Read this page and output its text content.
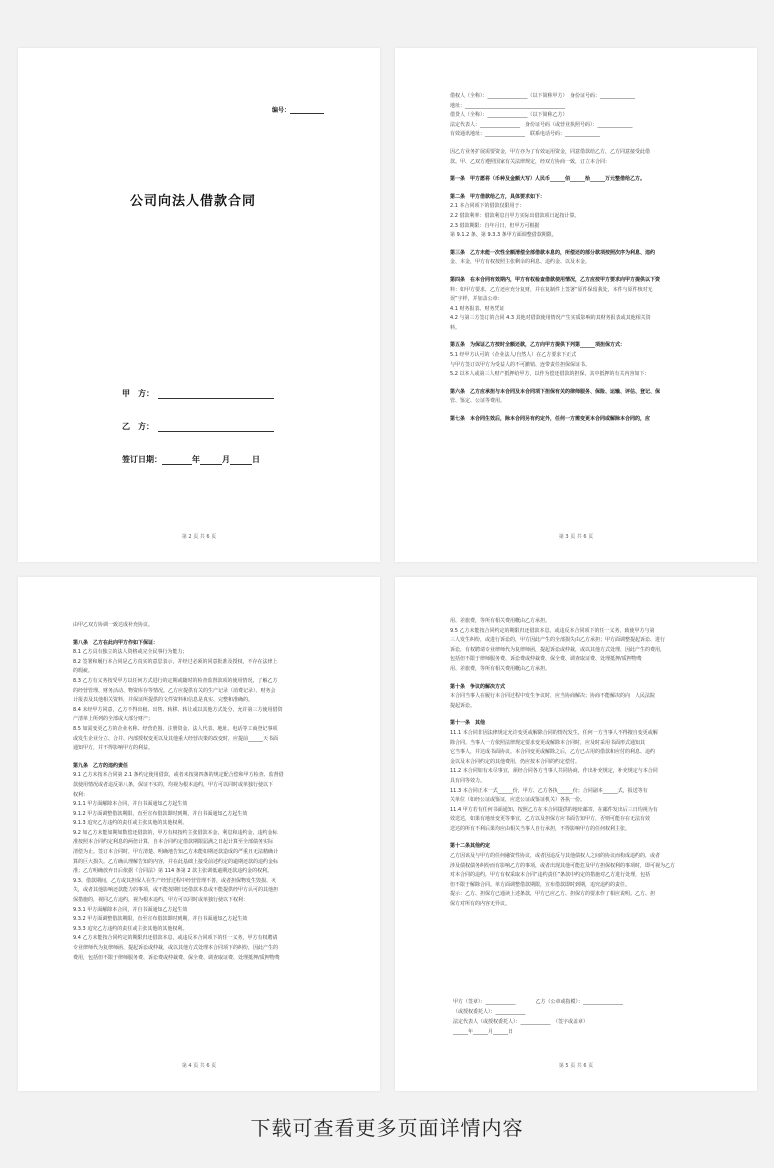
编号：
公司向法人借款合同
甲　方：
乙　方：
签订日期：	年	月	日
第 2 页 共 6 页

借权人（全称）：________________（以下简称甲方）　身份证号码：______________

地址：________________________________________

借贷人（全称）：________________（以下简称乙方）

法定代表人：________________　身份证号码（或营业执照号码）：______________

有效通讯地址：________________　联系电话号码：______________

因乙方业务扩展需要资金，甲方亦为了有效运用资金，同意借款给乙方，乙方同意接受此借

款。甲、乙双方遵照国家有关法律规定，经双方协商一致，订立本合同：

第一条　甲方愿将（币种及金额大写）人民币______佰______拾______万元整借给乙方。

第二条　甲方借款给乙方，具体要求如下：

2.1 本合同项下的借款仅限用于：

2.2 借款利率：借款利息自甲方实际出借款项日起按计算。

2.3 借款期限：自年月日，但甲方可根据

第 9.1.2 条、第 9.3.3 条甲方面调整借款期限。

第三条　乙方未能一次性全额清偿全部借款本息的，所偿还的部分款项按照次序为利息、违约

金、本金，甲方有权按照主张剩余的利息、违约金、以及本金。

第四条　在本合同有效期内，甲方有权检查借款使用情况，乙方应按甲方要求向甲方提供以下资

料：如甲方要求，乙方还应充分复财，并在复制件上签署“原件保留我处，本件与原件核对无

误”字样，并加盖公章：

4.1 财务报表、财务凭证

4.2 与第三方签订的合同 4.3 其他对借款使用情况产生实质影响的其财务报表或其他相关资

料。

第五条　为保证乙方按时全额还款，乙方向甲方提供下列第______项担保方式：

5.1 经甲方认可的（企业法人/自然人）在乙方要求下正式

与甲方签订以甲方为受益人的不可撤销、连带责任担保保证书。

5.2 以本人或第三人财产抵押给甲方，以作为偿还借款的担保，其中抵押的有关内容如下：

第六条　乙方应承担与本合同及本合同项下担保有关的律师服务、保险、运输、评估、登记、保

管、鉴定、公证等费用。

第七条　本合同生效后，除本合同另有约定外，任何一方需变更本合同或解除本合同的，应

第 3 页 共 6 页

由甲乙双方协调一致达成补充协议。

第八条　乙方在此向甲方作如下保证：

8.1 乙方具有独立的法人资格或完全民事行为能力；

8.2 签署和履行本合同是乙方真实的意思表示，并经过必须的同意批准及授权，不存在法律上

的瑕疵。

8.3 乙方有义务按受甲方以任何方式进行的定期或随时的检查监督款项的使用情况，了解乙方

的经营管理、财务活动、物资库存等情况。乙方应提供有关的生产记录（消费记录）、财务会

计报表及其他相关资料，并保证所提供的文件资料和信息是真实、完整和准确的。

8.4 未经甲方同意，乙方不得出租、出售、转移、转让或以其他方式处分，允许第三方使用借资

产清单上所列的全部或大部分财产；

8.5 如需变更乙方的企业名称、经营范围、注册资金、法人代表、地址、电话等工商登记事项

或发生企业分立、合并、内部授权变更以及其他重大经营决策的改变时，应提前______天书面

通知甲方，并不得影响甲方的利益。

第九条　乙方的违约责任

9.1 乙方未按本合同第 2.1 条约定使用借款，或者未按第四条的规定配合偿和甲方检查、监督借

款使用情况或者违反第八条，保证不实的，均视为根本违约，甲方可以同时或单独行使以下

权利：

9.1.1 甲方面解除本合同，并自书面通知乙方起生效

9.1.2 甲方面调整借款期限，直至宣布借款即时到期，并自书面通知乙方起生效

9.1.3 追究乙方违约的责任或主张其他的其他权利。

9.2 如乙方未能如期如数偿还借款的，甲方有权按约主张借款本金、利息和违约金，违约金标

准按照本合同约定利息的两倍计算，自本合同约定借款期限届满之日起计算至全部债务实际

清偿为止。签订本合同时，甲方清楚、明确地告知乙方未能如期还款造成的严重且无法精确计

算的巨大损失。乙方确认理解告知的内容，并在此基础上接受前述约定的逾期还款的违约金标

准；乙方明确放弃日后依据《合同法》第 114 条第 2 款主张调低逾期还款违约金的权利。

9.3、借款期间，乙方或其担保人在生产经营过程中经营管理不善，或者担保物发生毁损、灭

失，或者其他影响还款能力的事项，或不能按期归还借款本息或不能提供经甲方认可的其他担

保措施的，视同乙方违约，视为根本违约，甲方可以同时或单独行使以下权利：

9.3.1 甲方面解除本合同，并自书面通知乙方起生效

9.3.2 甲方面调整借款期限，直至宣布借款即时到期，并自书面通知乙方起生效

9.3.3 追究乙方违约的责任或主张其他的其他权利。

9.4 乙方未能按合同约定的期限归还借款本息，或违反本合同项下的任一义务，甲方有权聘请

专业律师代为复律师函、提起诉讼或仲裁，或以其他方式处理本合同项下的纠纷，因此产生的

费用，包括但不限于律师服务费、诉讼费或仲裁费、保全费、调查取证费、处理抵押/质押物费

第 4 页 共 6 页

用、差旅费，等所有相关费用概由乙方承担。

9.5 乙方未能按合同约定的期限归还借款本息，或违反本合同项下的任一义务，致使甲方与第

三人发生纠纷，或进行诉讼的，甲方因此产生的全部损失由乙方承担；甲方面调整提起诉讼、进行

诉讼，有权聘请专业律师代为复律师函，提起诉讼或仲裁，或以其他方式处理，因此产生的费用，

包括但不限于律师服务费、诉讼费或仲裁费、保全费、调查取证费、处理抵押/质押物费

用、差旅费，等所有相关费用概由乙方承担。

第十条　争议的解决方式

本合同当事人在履行本合同过程中发生争议时，应当协商解决；协商不能解决的向　人民法院

提起诉讼。

第十一条　其他

11.1 本合同非因法律规定允许变更或解除合同的情况发生，任何一方当事人不得擅自变更或解

除合同。当事人一方依照法律规定要求变更或解除本合同时，应及时采用书面形式通知其

它当事人，并达成书面协议。本合同变更或解除之后，乙方已占用的借款和应付的利息、违约

金以及本合同约定的其他费用，仍应按本合同的约定偿付。

11.2 本合同如有未尽事宜，须经合同各方当事人共同协商，作出补充规定，补充规定与本合同

具有同等效力。

11.3 本合同正本一式______份，甲方、乙方各执______份；合同副本______式，报送等有

关单位（如经公证或鉴证，应送公证或鉴证机关）各执一份。

11.4 甲方若有任何书面通知，按照乙方在本合同提供的地址邮寄，在邮件发出后三日均视为有

效送达，如果有地址变更等事宜，乙方以及担保方应书面告知甲方，否则可能存在无法有效

送达的所有不利后果均应由相关当事人自行承担，不得影响甲方的任何权利主张。

第十二条其他约定

乙方因该及与甲方的任何融资性协议，或者因违反与其他债权人之间的协议而构成违约的，或者

涉及债权债务纠纷而有影响乙方的事项，或者出现其他可能危及甲方担保权利的事项时，即可视为乙方

对本合同的违约，甲方有权采取本合同“违约责任”条款中约定的措施对乙方进行处理，包括

但不限于解除合同。单方面调整借款期限，宣布借款即时到期，追究违约的责任。

提示：乙方、担保方已通读上述条款，甲方已应乙方、担保方的要求作了相应说明。乙方、担

保方对所有的内容无异议。

甲方（签章）：____________　　　　	乙方（公章或指模）：________________

（或授权委托人）：____________

法定代表人（或授权委托人）：____________　（签字或盖章）

______年______月______日

第 5 页 共 6 页
下载可查看更多页面详情内容
